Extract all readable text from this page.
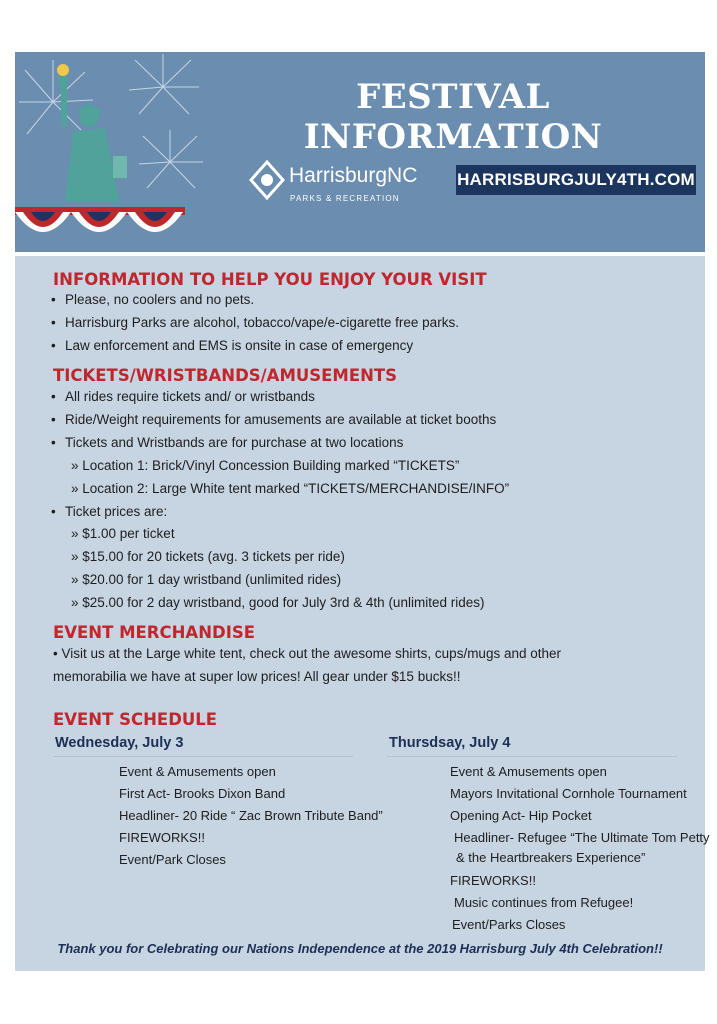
FESTIVAL INFORMATION
HarrisburgNC
PARKS & RECREATION
HARRISBURGJULY4TH.COM
INFORMATION TO HELP YOU ENJOY YOUR VISIT
• Please, no coolers and no pets.
• Harrisburg Parks are alcohol, tobacco/vape/e-cigarette free parks.
• Law enforcement and EMS is onsite in case of emergency
TICKETS/WRISTBANDS/AMUSEMENTS
• All rides require tickets and/ or wristbands
• Ride/Weight requirements for amusements are available at ticket booths
• Tickets and Wristbands are for purchase at two locations
» Location 1: Brick/Vinyl Concession Building marked “TICKETS”
» Location 2: Large White tent marked “TICKETS/MERCHANDISE/INFO”
• Ticket prices are:
» $1.00 per ticket
» $15.00 for 20 tickets (avg. 3 tickets per ride)
» $20.00 for 1 day wristband (unlimited rides)
» $25.00 for 2 day wristband, good for July 3rd & 4th (unlimited rides)
EVENT MERCHANDISE
• Visit us at the Large white tent, check out the awesome shirts, cups/mugs and other
memorabilia we have at super low prices! All gear under $15 bucks!!
EVENT SCHEDULE
Wednesday, July 3	Thursdsay, July 4
Event & Amusements open
First Act- Brooks Dixon Band
Headliner- 20 Ride “ Zac Brown Tribute Band”
FIREWORKS!!
Event/Park Closes
Event & Amusements open
Mayors Invitational Cornhole Tournament
Opening Act- Hip Pocket
Headliner- Refugee “The Ultimate Tom Petty
& the Heartbreakers Experience”
FIREWORKS!!
Music continues from Refugee!
Event/Parks Closes
Thank you for Celebrating our Nations Independence at the 2019 Harrisburg July 4th Celebration!!
